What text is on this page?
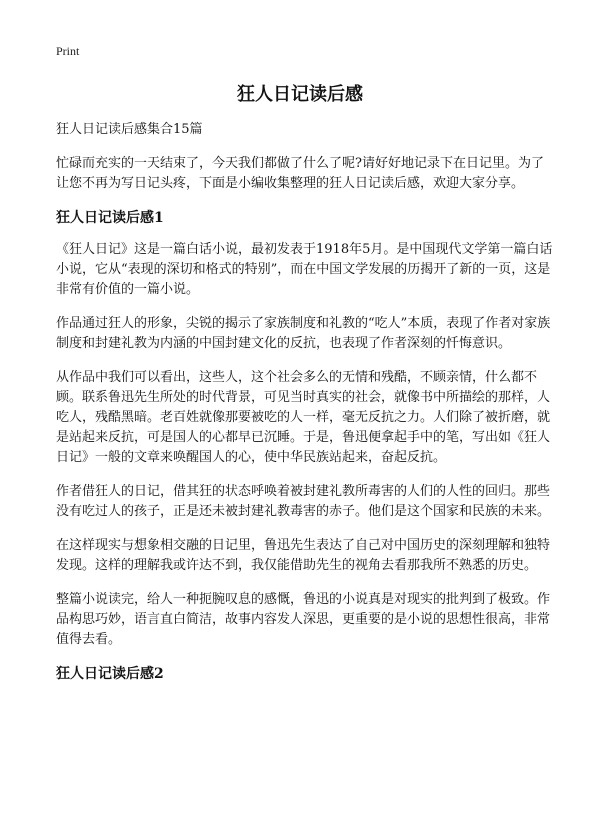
Print
狂人日记读后感

狂人日记读后感集合15篇

忙碌而充实的一天结束了，今天我们都做了什么了呢?请好好地记录下在日记里。为了让您不再为写日记头疼，下面是小编收集整理的狂人日记读后感，欢迎大家分享。

狂人日记读后感1

《狂人日记》这是一篇白话小说，最初发表于1918年5月。是中国现代文学第一篇白话小说，它从“表现的深切和格式的特别”，而在中国文学发展的历揭开了新的一页，这是非常有价值的一篇小说。

作品通过狂人的形象，尖锐的揭示了家族制度和礼教的“吃人”本质，表现了作者对家族制度和封建礼教为内涵的中国封建文化的反抗，也表现了作者深刻的忏悔意识。

从作品中我们可以看出，这些人，这个社会多么的无情和残酷，不顾亲情，什么都不顾。联系鲁迅先生所处的时代背景，可见当时真实的社会，就像书中所描绘的那样，人吃人，残酷黑暗。老百姓就像那要被吃的人一样，毫无反抗之力。人们除了被折磨，就是站起来反抗，可是国人的心都早已沉睡。于是，鲁迅便拿起手中的笔，写出如《狂人日记》一般的文章来唤醒国人的心，使中华民族站起来，奋起反抗。

作者借狂人的日记，借其狂的状态呼唤着被封建礼教所毒害的人们的人性的回归。那些没有吃过人的孩子，正是还未被封建礼教毒害的赤子。他们是这个国家和民族的未来。

在这样现实与想象相交融的日记里，鲁迅先生表达了自己对中国历史的深刻理解和独特发现。这样的理解我或许达不到，我仅能借助先生的视角去看那我所不熟悉的历史。

整篇小说读完，给人一种扼腕叹息的感慨，鲁迅的小说真是对现实的批判到了极致。作品构思巧妙，语言直白简洁，故事内容发人深思，更重要的是小说的思想性很高，非常值得去看。

狂人日记读后感2
